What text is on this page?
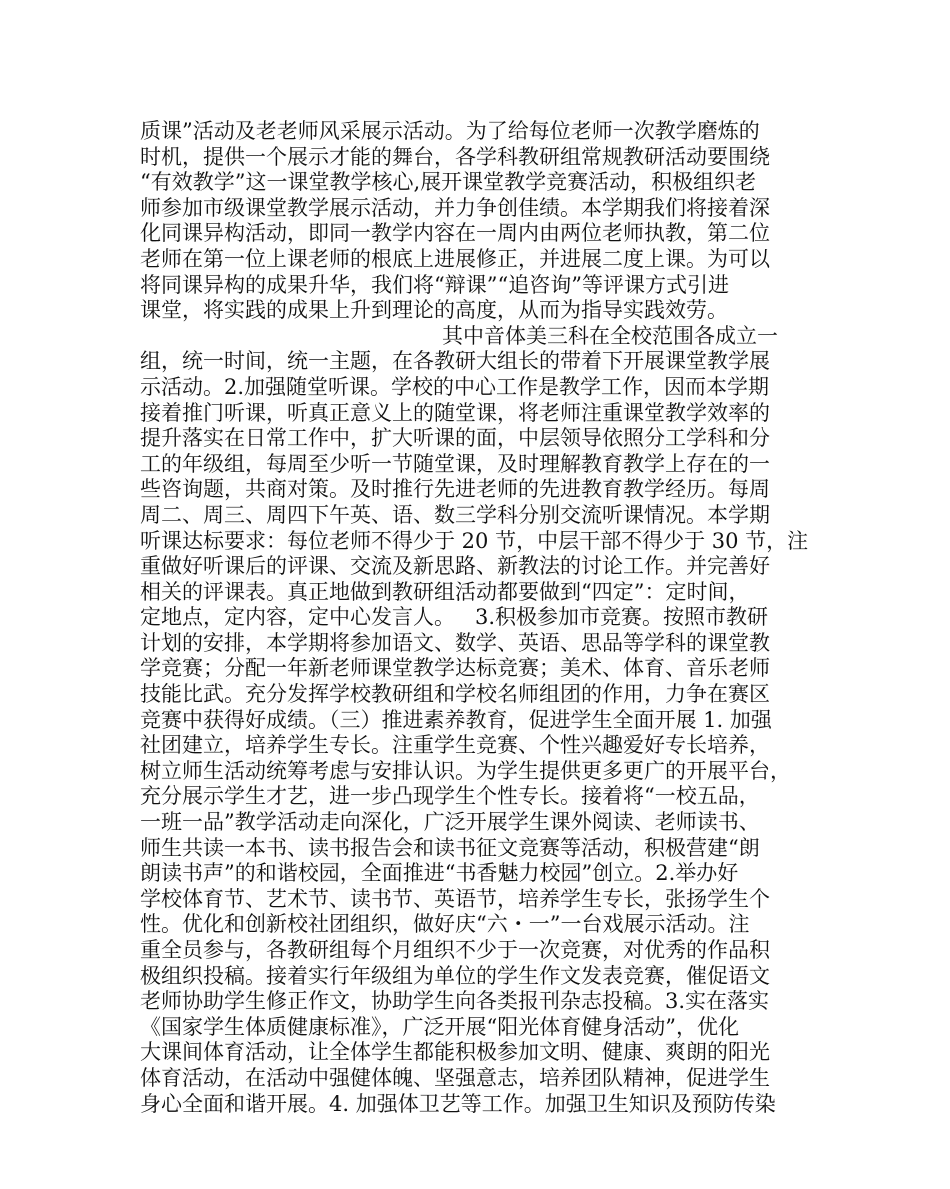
质课”活动及老老师风采展示活动。为了给每位老师一次教学磨炼的
时机，提供一个展示才能的舞台，各学科教研组常规教研活动要围绕
“有效教学”这一课堂教学核心,展开课堂教学竞赛活动，积极组织老
师参加市级课堂教学展示活动，并力争创佳绩。本学期我们将接着深
化同课异构活动，即同一教学内容在一周内由两位老师执教，第二位
老师在第一位上课老师的根底上进展修正，并进展二度上课。为可以
将同课异构的成果升华，我们将“辩课”“追咨询”等评课方式引进
课堂，将实践的成果上升到理论的高度，从而为指导实践效劳。
其中音体美三科在全校范围各成立一
组，统一时间，统一主题，在各教研大组长的带着下开展课堂教学展
示活动。2.加强随堂听课。学校的中心工作是教学工作，因而本学期
接着推门听课，听真正意义上的随堂课，将老师注重课堂教学效率的
提升落实在日常工作中，扩大听课的面，中层领导依照分工学科和分
工的年级组，每周至少听一节随堂课，及时理解教育教学上存在的一
些咨询题，共商对策。及时推行先进老师的先进教育教学经历。每周
周二、周三、周四下午英、语、数三学科分别交流听课情况。本学期
听课达标要求：每位老师不得少于 20 节，中层干部不得少于 30 节，注
重做好听课后的评课、交流及新思路、新教法的讨论工作。并完善好
相关的评课表。真正地做到教研组活动都要做到“四定”：定时间，
定地点，定内容，定中心发言人。   3.积极参加市竞赛。按照市教研
计划的安排，本学期将参加语文、数学、英语、思品等学科的课堂教
学竞赛；分配一年新老师课堂教学达标竞赛；美术、体育、音乐老师
技能比武。充分发挥学校教研组和学校名师组团的作用，力争在赛区
竞赛中获得好成绩。（三）推进素养教育，促进学生全面开展 1. 加强
社团建立，培养学生专长。注重学生竞赛、个性兴趣爱好专长培养，
树立师生活动统筹考虑与安排认识。为学生提供更多更广的开展平台，
充分展示学生才艺，进一步凸现学生个性专长。接着将“一校五品，
一班一品”教学活动走向深化，广泛开展学生课外阅读、老师读书、
师生共读一本书、读书报告会和读书征文竞赛等活动，积极营建“朗
朗读书声”的和谐校园，全面推进“书香魅力校园”创立。2.举办好
学校体育节、艺术节、读书节、英语节，培养学生专长，张扬学生个
性。优化和创新校社团组织，做好庆“六・一”一台戏展示活动。注
重全员参与，各教研组每个月组织不少于一次竞赛，对优秀的作品积
极组织投稿。接着实行年级组为单位的学生作文发表竞赛，催促语文
老师协助学生修正作文，协助学生向各类报刊杂志投稿。3.实在落实
《国家学生体质健康标准》，广泛开展“阳光体育健身活动”，优化
大课间体育活动，让全体学生都能积极参加文明、健康、爽朗的阳光
体育活动，在活动中强健体魄、坚强意志，培养团队精神，促进学生
身心全面和谐开展。4. 加强体卫艺等工作。加强卫生知识及预防传染
